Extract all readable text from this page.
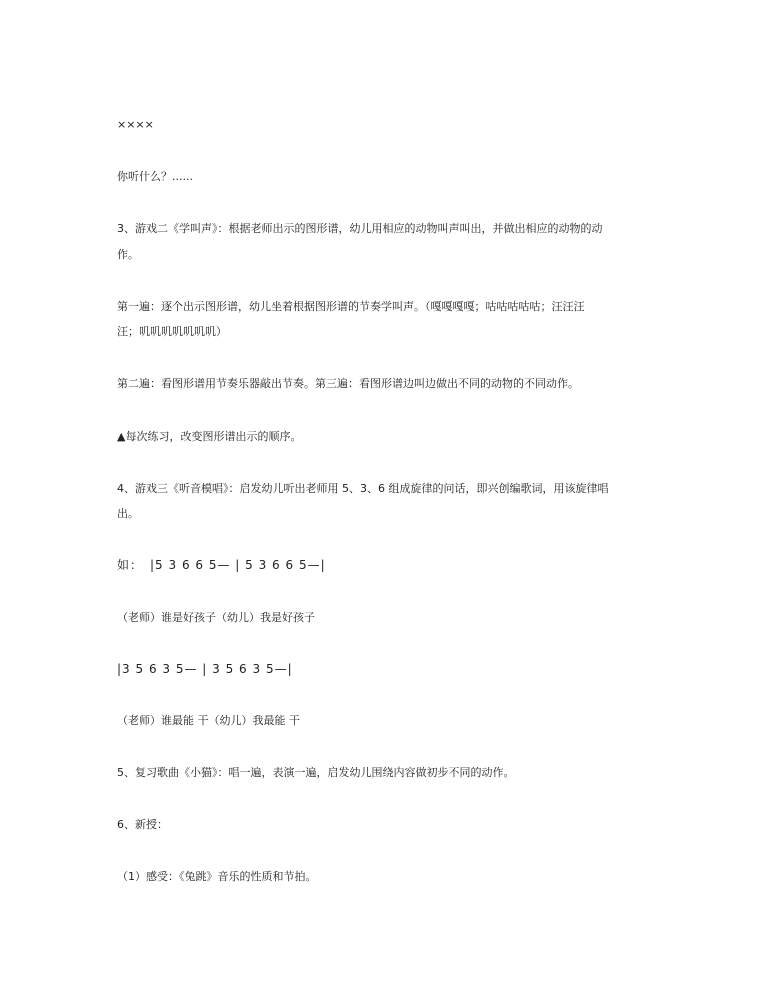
××××
你听什么？......
3、游戏二《学叫声》：根据老师出示的图形谱，幼儿用相应的动物叫声叫出，并做出相应的动物的动
作。
第一遍：逐个出示图形谱，幼儿坐着根据图形谱的节奏学叫声。（嘎嘎嘎嘎；咕咕咕咕咕；汪汪汪
汪；叽叽叽叽叽叽叽）
第二遍：看图形谱用节奏乐器敲出节奏。第三遍：看图形谱边叫边做出不同的动物的不同动作。
▲每次练习，改变图形谱出示的顺序。
4、游戏三《听音模唱》：启发幼儿听出老师用 5、3、6 组成旋律的问话，即兴创编歌词，用该旋律唱
出。
如：　|5 3 6 6 5— | 5 3 6 6 5—|
（老师）谁是好孩子（幼儿）我是好孩子
|3 5 6 3 5— | 3 5 6 3 5—|
（老师）谁最能 干（幼儿）我最能 干
5、复习歌曲《小猫》：唱一遍，表演一遍，启发幼儿围绕内容做初步不同的动作。
6、新授：
（1）感受：《兔跳》音乐的性质和节拍。
